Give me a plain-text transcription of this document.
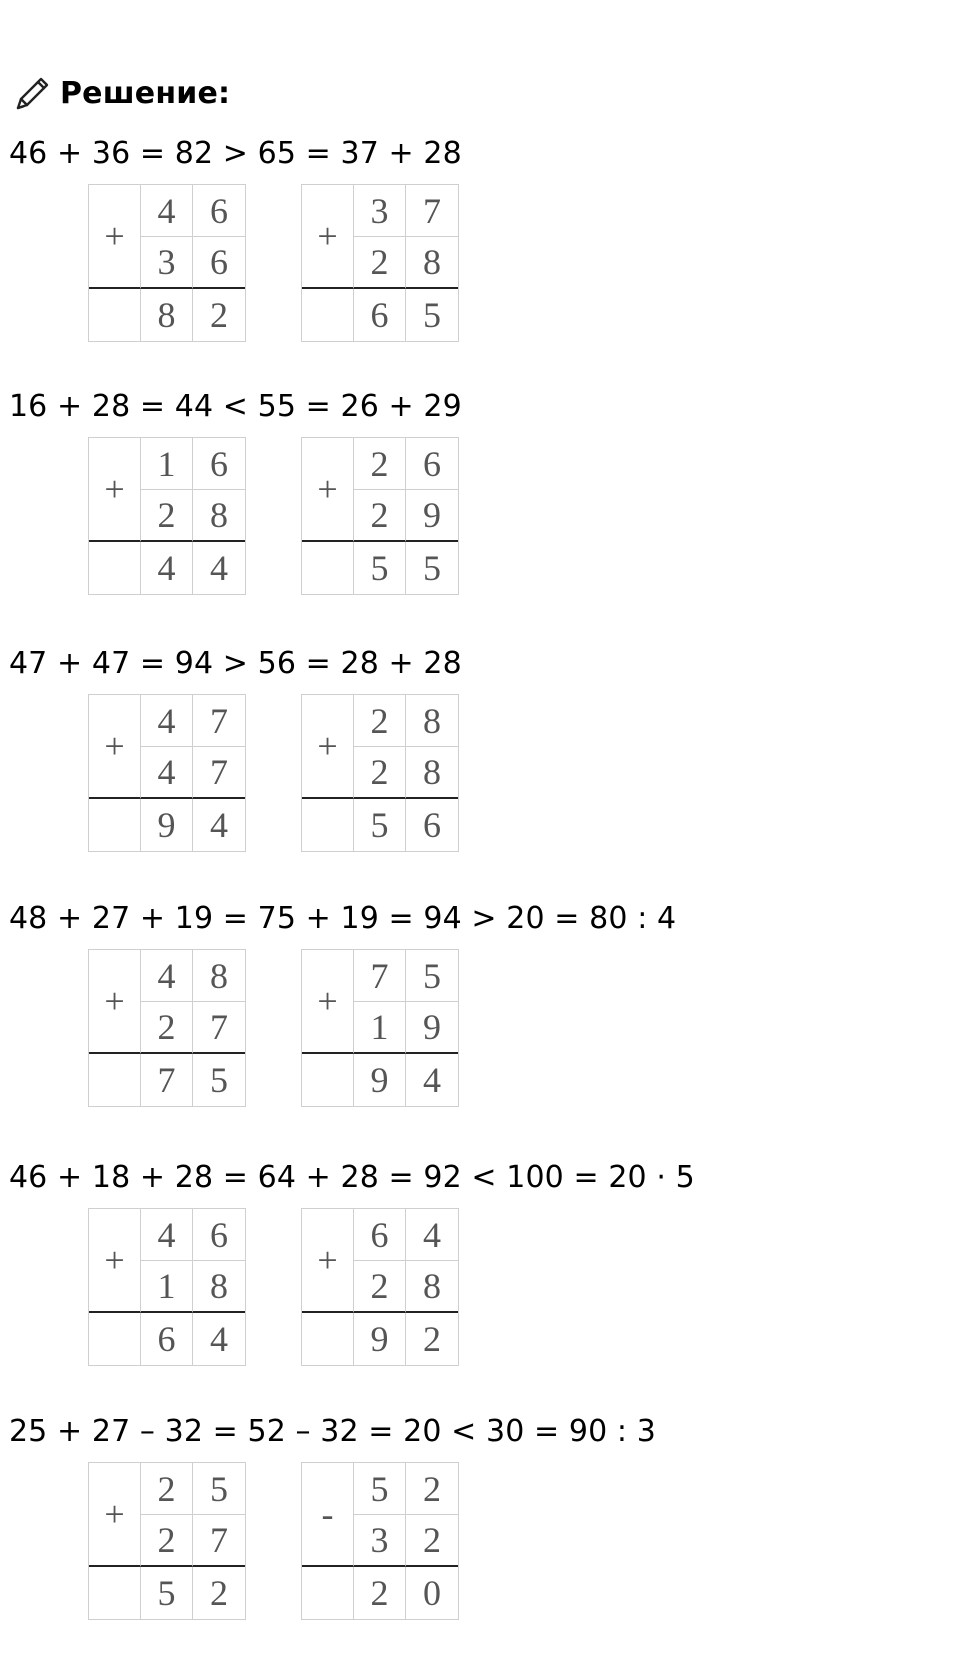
Решение:
46 + 36 = 82 > 65 = 37 + 28
+
4 6
3 6
8 2
+
3 7
2 8
6 5
16 + 28 = 44 < 55 = 26 + 29
+
1 6
2 8
4 4
+
2 6
2 9
5 5
47 + 47 = 94 > 56 = 28 + 28
+
4 7
4 7
9 4
+
2 8
2 8
5 6
48 + 27 + 19 = 75 + 19 = 94 > 20 = 80 : 4
+
4 8
2 7
7 5
+
7 5
1 9
9 4
46 + 18 + 28 = 64 + 28 = 92 < 100 = 20 · 5
+
4 6
1 8
6 4
+
6 4
2 8
9 2
25 + 27 – 32 = 52 – 32 = 20 < 30 = 90 : 3
+
2 5
2 7
5 2
-
5 2
3 2
2 0
